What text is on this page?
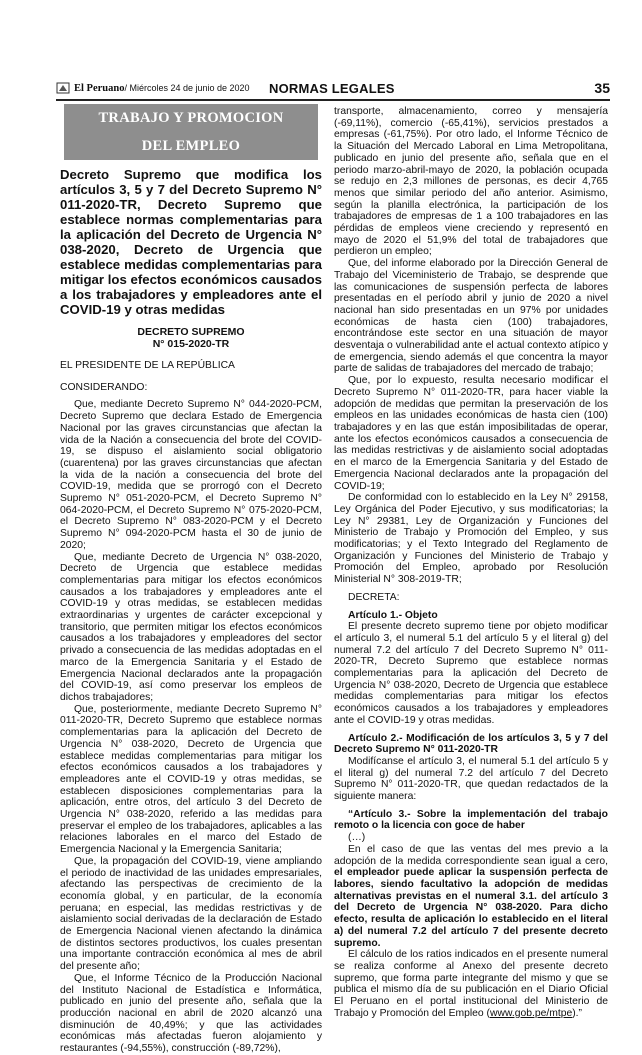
El Peruano/ Miércoles 24 de junio de 2020 NORMAS LEGALES	35
TRABAJO Y PROMOCION
DEL EMPLEO
Decreto Supremo que modifica los artículos 3, 5 y 7 del Decreto Supremo N° 011-2020-TR, Decreto Supremo que establece normas complementarias para la aplicación del Decreto de Urgencia N° 038-2020, Decreto de Urgencia que establece medidas complementarias para mitigar los efectos económicos causados a los trabajadores y empleadores ante el COVID-19 y otras medidas
DECRETO SUPREMO
N° 015-2020-TR

EL PRESIDENTE DE LA REPÚBLICA

CONSIDERANDO:

Que, mediante Decreto Supremo N° 044-2020-PCM, Decreto Supremo que declara Estado de Emergencia Nacional por las graves circunstancias que afectan la vida de la Nación a consecuencia del brote del COVID-19, se dispuso el aislamiento social obligatorio (cuarentena) por las graves circunstancias que afectan la vida de la nación a consecuencia del brote del COVID-19, medida que se prorrogó con el Decreto Supremo N° 051-2020-PCM, el Decreto Supremo N° 064-2020-PCM, el Decreto Supremo N° 075-2020-PCM, el Decreto Supremo N° 083-2020-PCM y el Decreto Supremo N° 094-2020-PCM hasta el 30 de junio de 2020;

Que, mediante Decreto de Urgencia N° 038-2020, Decreto de Urgencia que establece medidas complementarias para mitigar los efectos económicos causados a los trabajadores y empleadores ante el COVID-19 y otras medidas, se establecen medidas extraordinarias y urgentes de carácter excepcional y transitorio, que permiten mitigar los efectos económicos causados a los trabajadores y empleadores del sector privado a consecuencia de las medidas adoptadas en el marco de la Emergencia Sanitaria y el Estado de Emergencia Nacional declarados ante la propagación del COVID-19, así como preservar los empleos de dichos trabajadores;

Que, posteriormente, mediante Decreto Supremo N° 011-2020-TR, Decreto Supremo que establece normas complementarias para la aplicación del Decreto de Urgencia N° 038-2020, Decreto de Urgencia que establece medidas complementarias para mitigar los efectos económicos causados a los trabajadores y empleadores ante el COVID-19 y otras medidas, se establecen disposiciones complementarias para la aplicación, entre otros, del artículo 3 del Decreto de Urgencia N° 038-2020, referido a las medidas para preservar el empleo de los trabajadores, aplicables a las relaciones laborales en el marco del Estado de Emergencia Nacional y la Emergencia Sanitaria;

Que, la propagación del COVID-19, viene ampliando el periodo de inactividad de las unidades empresariales, afectando las perspectivas de crecimiento de la economía global, y en particular, de la economía peruana; en especial, las medidas restrictivas y de aislamiento social derivadas de la declaración de Estado de Emergencia Nacional vienen afectando la dinámica de distintos sectores productivos, los cuales presentan una importante contracción económica al mes de abril del presente año;

Que, el Informe Técnico de la Producción Nacional del Instituto Nacional de Estadística e Informática, publicado en junio del presente año, señala que la producción nacional en abril de 2020 alcanzó una disminución de 40,49%; y que las actividades económicas más afectadas fueron alojamiento y restaurantes (-94,55%), construcción (-89,72%),

transporte, almacenamiento, correo y mensajería (-69,11%), comercio (-65,41%), servicios prestados a empresas (-61,75%). Por otro lado, el Informe Técnico de la Situación del Mercado Laboral en Lima Metropolitana, publicado en junio del presente año, señala que en el periodo marzo-abril-mayo de 2020, la población ocupada se redujo en 2,3 millones de personas, es decir 4,765 menos que similar periodo del año anterior. Asimismo, según la planilla electrónica, la participación de los trabajadores de empresas de 1 a 100 trabajadores en las pérdidas de empleos viene creciendo y representó en mayo de 2020 el 51,9% del total de trabajadores que perdieron un empleo;

Que, del informe elaborado por la Dirección General de Trabajo del Viceministerio de Trabajo, se desprende que las comunicaciones de suspensión perfecta de labores presentadas en el período abril y junio de 2020 a nivel nacional han sido presentadas en un 97% por unidades económicas de hasta cien (100) trabajadores, encontrándose este sector en una situación de mayor desventaja o vulnerabilidad ante el actual contexto atípico y de emergencia, siendo además el que concentra la mayor parte de salidas de trabajadores del mercado de trabajo;

Que, por lo expuesto, resulta necesario modificar el Decreto Supremo N° 011-2020-TR, para hacer viable la adopción de medidas que permitan la preservación de los empleos en las unidades económicas de hasta cien (100) trabajadores y en las que están imposibilitadas de operar, ante los efectos económicos causados a consecuencia de las medidas restrictivas y de aislamiento social adoptadas en el marco de la Emergencia Sanitaria y del Estado de Emergencia Nacional declarados ante la propagación del COVID-19;

De conformidad con lo establecido en la Ley N° 29158, Ley Orgánica del Poder Ejecutivo, y sus modificatorias; la Ley N° 29381, Ley de Organización y Funciones del Ministerio de Trabajo y Promoción del Empleo, y sus modificatorias; y el Texto Integrado del Reglamento de Organización y Funciones del Ministerio de Trabajo y Promoción del Empleo, aprobado por Resolución Ministerial N° 308-2019-TR;

DECRETA:

Artículo 1.- Objeto

El presente decreto supremo tiene por objeto modificar el artículo 3, el numeral 5.1 del artículo 5 y el literal g) del numeral 7.2 del artículo 7 del Decreto Supremo N° 011-2020-TR, Decreto Supremo que establece normas complementarias para la aplicación del Decreto de Urgencia N° 038-2020, Decreto de Urgencia que establece medidas complementarias para mitigar los efectos económicos causados a los trabajadores y empleadores ante el COVID-19 y otras medidas.

Artículo 2.- Modificación de los artículos 3, 5 y 7 del Decreto Supremo N° 011-2020-TR

Modifícanse el artículo 3, el numeral 5.1 del artículo 5 y el literal g) del numeral 7.2 del artículo 7 del Decreto Supremo N° 011-2020-TR, que quedan redactados de la siguiente manera:

“Artículo 3.- Sobre la implementación del trabajo remoto o la licencia con goce de haber

(…)

En el caso de que las ventas del mes previo a la adopción de la medida correspondiente sean igual a cero, el empleador puede aplicar la suspensión perfecta de labores, siendo facultativo la adopción de medidas alternativas previstas en el numeral 3.1. del artículo 3 del Decreto de Urgencia N° 038-2020. Para dicho efecto, resulta de aplicación lo establecido en el literal a) del numeral 7.2 del artículo 7 del presente decreto supremo.

El cálculo de los ratios indicados en el presente numeral se realiza conforme al Anexo del presente decreto supremo, que forma parte integrante del mismo y que se publica el mismo día de su publicación en el Diario Oficial El Peruano en el portal institucional del Ministerio de Trabajo y Promoción del Empleo (www.gob.pe/mtpe).”
